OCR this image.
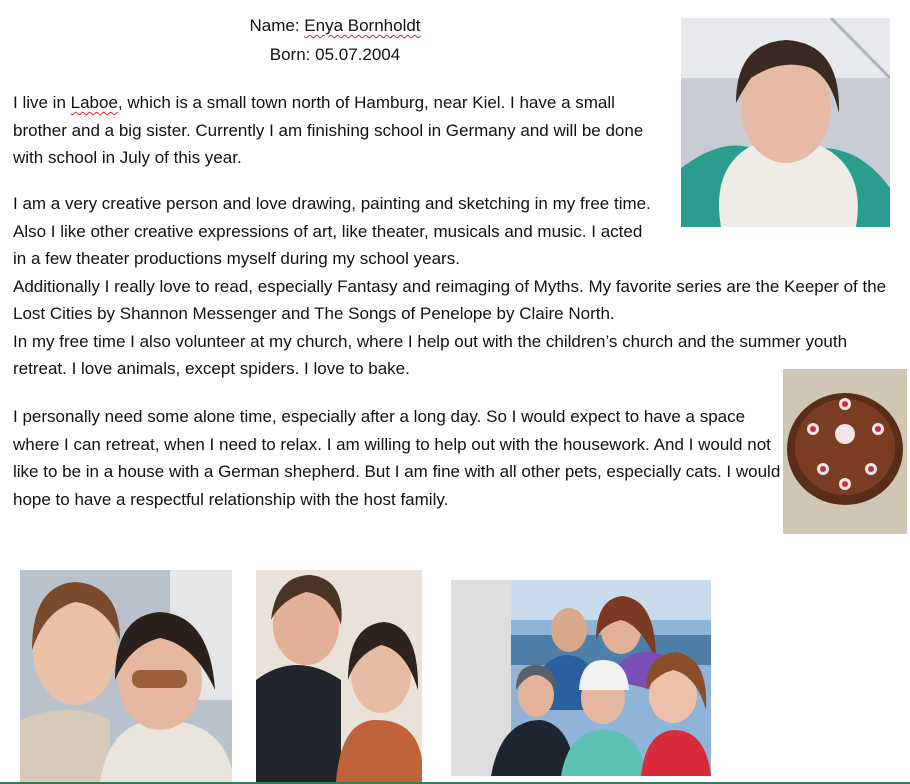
Name: Enya Bornholdt
Born: 05.07.2004

I live in Laboe, which is a small town north of Hamburg, near Kiel. I have a small brother and a big sister. Currently I am finishing school in Germany and will be done with school in July of this year.

I am a very creative person and love drawing, painting and sketching in my free time. Also I like other creative expressions of art, like theater, musicals and music. I acted in a few theater productions myself during my school years.
Additionally I really love to read, especially Fantasy and reimaging of Myths. My favorite series are the Keeper of the Lost Cities by Shannon Messenger and The Songs of Penelope by Claire North.
In my free time I also volunteer at my church, where I help out with the children’s church and the summer youth retreat. I love animals, except spiders. I love to bake.

I personally need some alone time, especially after a long day. So I would expect to have a space where I can retreat, when I need to relax. I am willing to help out with the housework. And I would not like to be in a house with a German shepherd. But I am fine with all other pets, especially cats. I would hope to have a respectful relationship with the host family.
